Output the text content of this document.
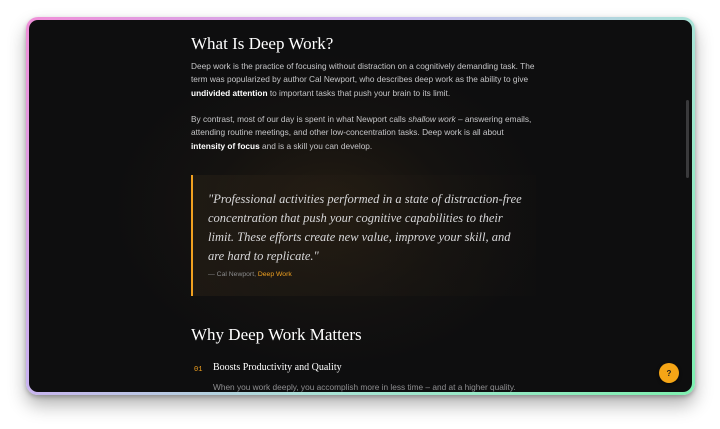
What Is Deep Work?

Deep work is the practice of focusing without distraction on a cognitively demanding task. The term was popularized by author Cal Newport, who describes deep work as the ability to give undivided attention to important tasks that push your brain to its limit.

By contrast, most of our day is spent in what Newport calls shallow work – answering emails, attending routine meetings, and other low-concentration tasks. Deep work is all about intensity of focus and is a skill you can develop.

"Professional activities performed in a state of distraction-free concentration that push your cognitive capabilities to their limit. These efforts create new value, improve your skill, and are hard to replicate."
— Cal Newport, Deep Work
Why Deep Work Matters
01 Boosts Productivity and Quality
When you work deeply, you accomplish more in less time – and at a higher quality.
?
